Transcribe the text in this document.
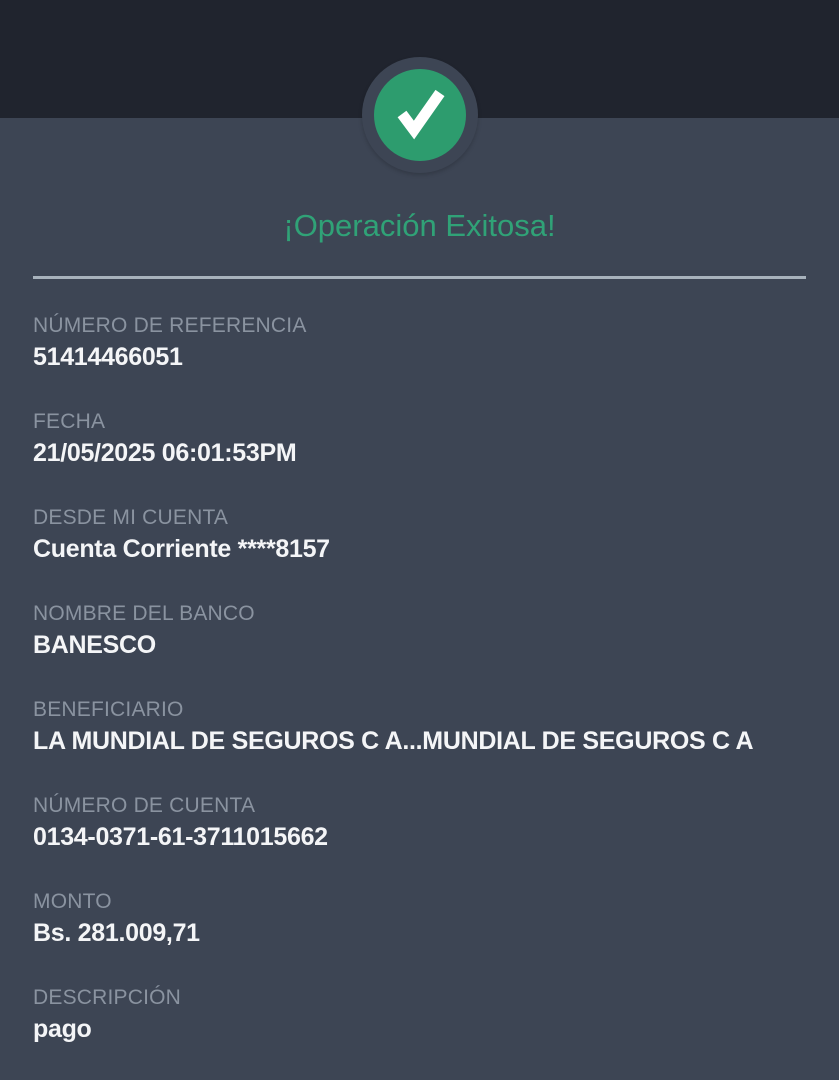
¡Operación Exitosa!
NÚMERO DE REFERENCIA
51414466051
FECHA
21/05/2025 06:01:53PM
DESDE MI CUENTA
Cuenta Corriente ****8157
NOMBRE DEL BANCO
BANESCO
BENEFICIARIO
LA MUNDIAL DE SEGUROS C A...MUNDIAL DE SEGUROS C A
NÚMERO DE CUENTA
0134-0371-61-3711015662
MONTO
Bs. 281.009,71
DESCRIPCIÓN
pago
